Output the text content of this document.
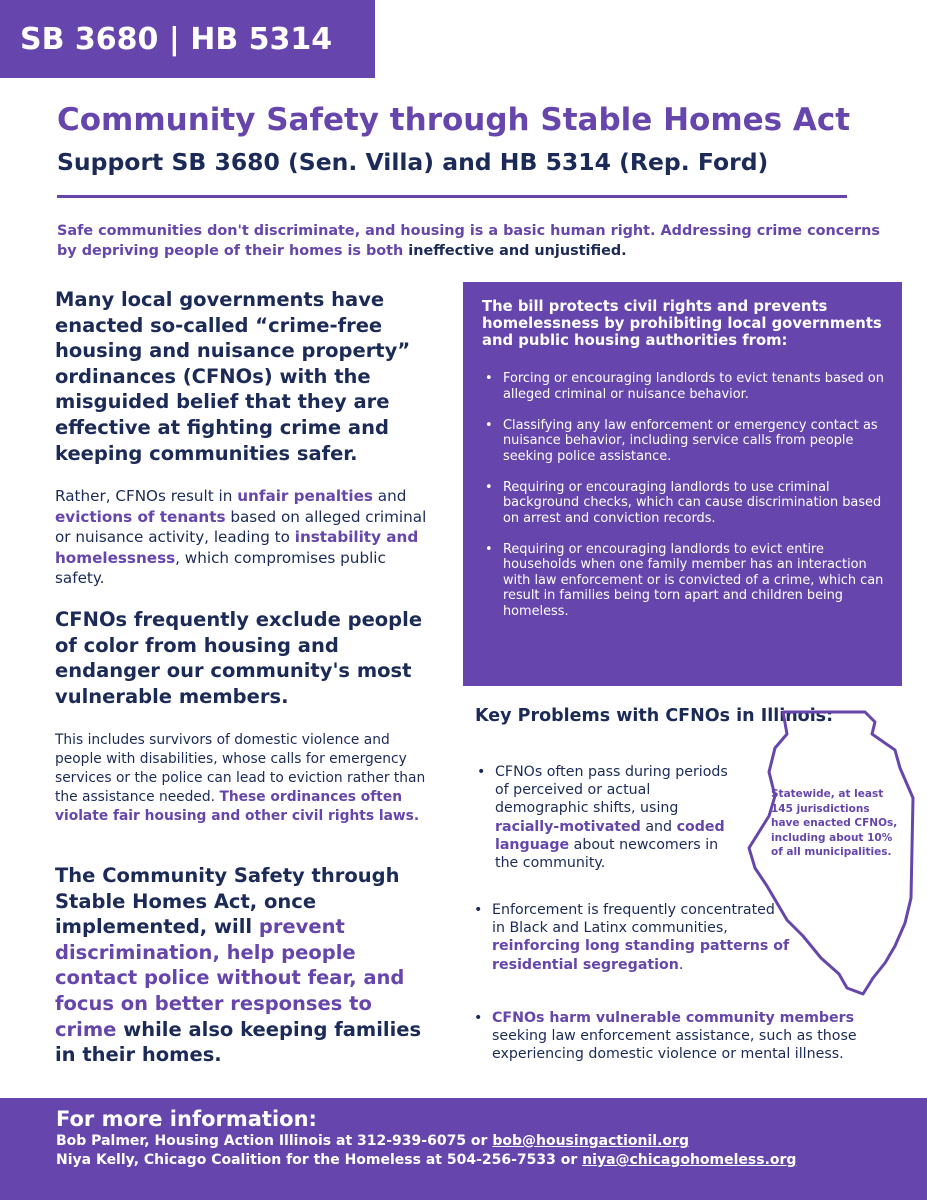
SB 3680 | HB 5314
Community Safety through Stable Homes Act
Support SB 3680 (Sen. Villa) and HB 5314 (Rep. Ford)

Safe communities don't discriminate, and housing is a basic human right. Addressing crime concerns by depriving people of their homes is both ineffective and unjustified.

Many local governments have enacted so-called “crime-free housing and nuisance property” ordinances (CFNOs) with the misguided belief that they are effective at fighting crime and keeping communities safer.

Rather, CFNOs result in unfair penalties and evictions of tenants based on alleged criminal or nuisance activity, leading to instability and homelessness, which compromises public safety.

CFNOs frequently exclude people of color from housing and endanger our community's most vulnerable members.

This includes survivors of domestic violence and people with disabilities, whose calls for emergency services or the police can lead to eviction rather than the assistance needed. These ordinances often violate fair housing and other civil rights laws.

The Community Safety through Stable Homes Act, once implemented, will prevent discrimination, help people contact police without fear, and focus on better responses to crime while also keeping families in their homes.

The bill protects civil rights and prevents homelessness by prohibiting local governments and public housing authorities from:

• Forcing or encouraging landlords to evict tenants based on alleged criminal or nuisance behavior.
• Classifying any law enforcement or emergency contact as nuisance behavior, including service calls from people seeking police assistance.
• Requiring or encouraging landlords to use criminal background checks, which can cause discrimination based on arrest and conviction records.
• Requiring or encouraging landlords to evict entire households when one family member has an interaction with law enforcement or is convicted of a crime, which can result in families being torn apart and children being homeless.
Key Problems with CFNOs in Illinois:

• CFNOs often pass during periods of perceived or actual demographic shifts, using racially-motivated and coded language about newcomers in the community.

• Enforcement is frequently concentrated in Black and Latinx communities, reinforcing long standing patterns of residential segregation.

• CFNOs harm vulnerable community members seeking law enforcement assistance, such as those experiencing domestic violence or mental illness.

Statewide, at least 145 jurisdictions have enacted CFNOs, including about 10% of all municipalities.

For more information:

Bob Palmer, Housing Action Illinois at 312-939-6075 or bob@housingactionil.org

Niya Kelly, Chicago Coalition for the Homeless at 504-256-7533 or niya@chicagohomeless.org
